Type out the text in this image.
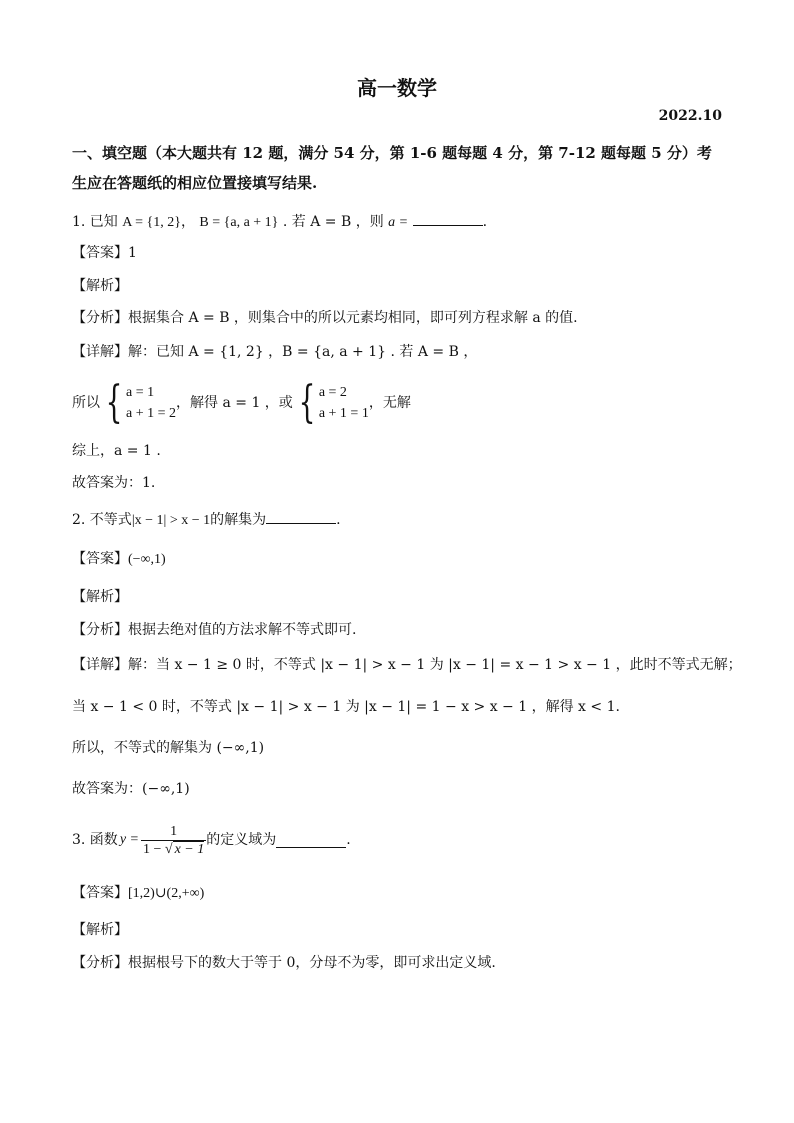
高一数学
2022.10
一、填空题（本大题共有 12 题，满分 54 分，第 1-6 题每题 4 分，第 7-12 题每题 5 分）考生应在答题纸的相应位置接填写结果.
1. 已知 A = {1, 2}， B = {a, a + 1} . 若 A = B ，则 a =	.
【答案】1
【解析】
【分析】根据集合 A = B ，则集合中的所以元素均相同，即可列方程求解 a 的值.
【详解】解：已知 A = {1, 2} ，B = {a, a + 1} . 若 A = B ，
所以 { a = 1
a + 1 = 2
，解得 a = 1 ，或 { a = 2
a + 1 = 1
，无解
综上，a = 1 .
故答案为：1.
2. 不等式|x − 1| > x − 1的解集为	.
【答案】(−∞,1)
【解析】
【分析】根据去绝对值的方法求解不等式即可.
【详解】解：当 x − 1 ≥ 0 时，不等式 |x − 1| > x − 1 为 |x − 1| = x − 1 > x − 1 ，此时不等式无解；
当 x − 1 < 0 时，不等式 |x − 1| > x − 1 为 |x − 1| = 1 − x > x − 1 ，解得 x < 1.
所以，不等式的解集为 (−∞,1)
故答案为：(−∞,1)
3. 函数 $y = \frac{1}{1 - √ x - 1}$ 的定义域为	.
【答案】[1,2)∪(2,+∞)
【解析】
【分析】根据根号下的数大于等于 0，分母不为零，即可求出定义域.
